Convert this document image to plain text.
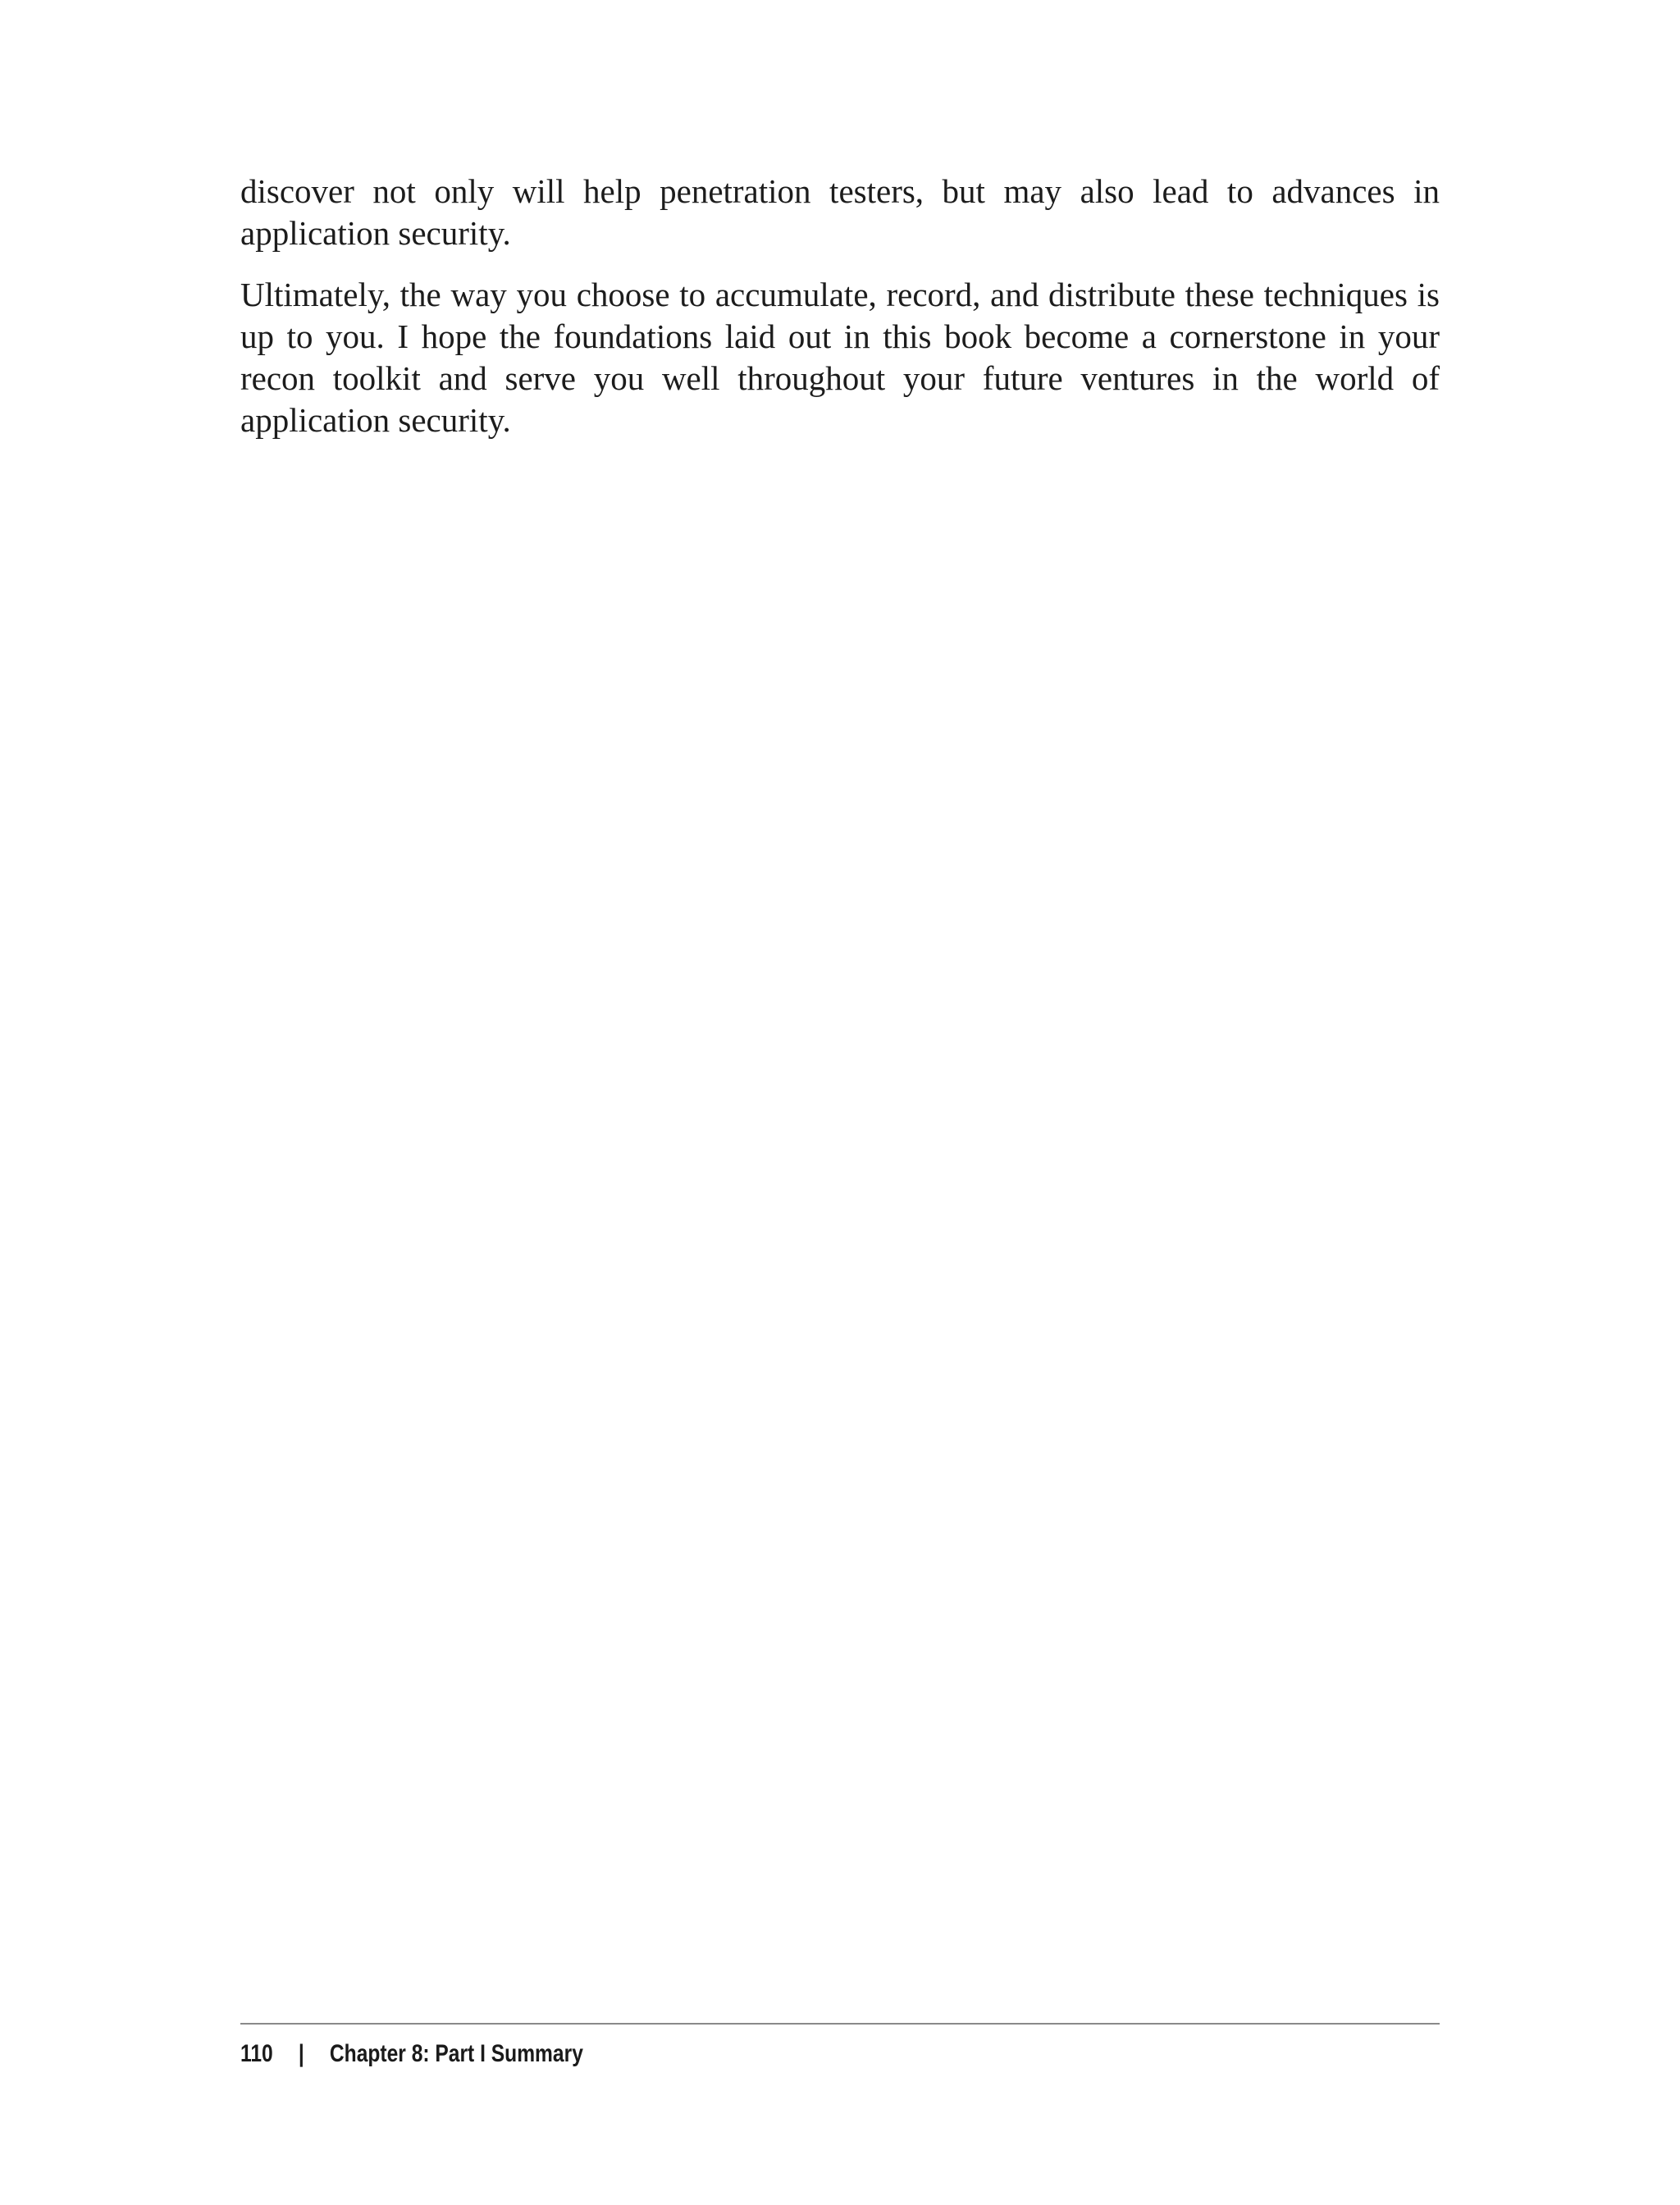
discover not only will help penetration testers, but may also lead to advances in application security.

Ultimately, the way you choose to accumulate, record, and distribute these techniques is up to you. I hope the foundations laid out in this book become a cornerstone in your recon toolkit and serve you well throughout your future ventures in the world of application security.

110 | Chapter 8: Part I Summary
